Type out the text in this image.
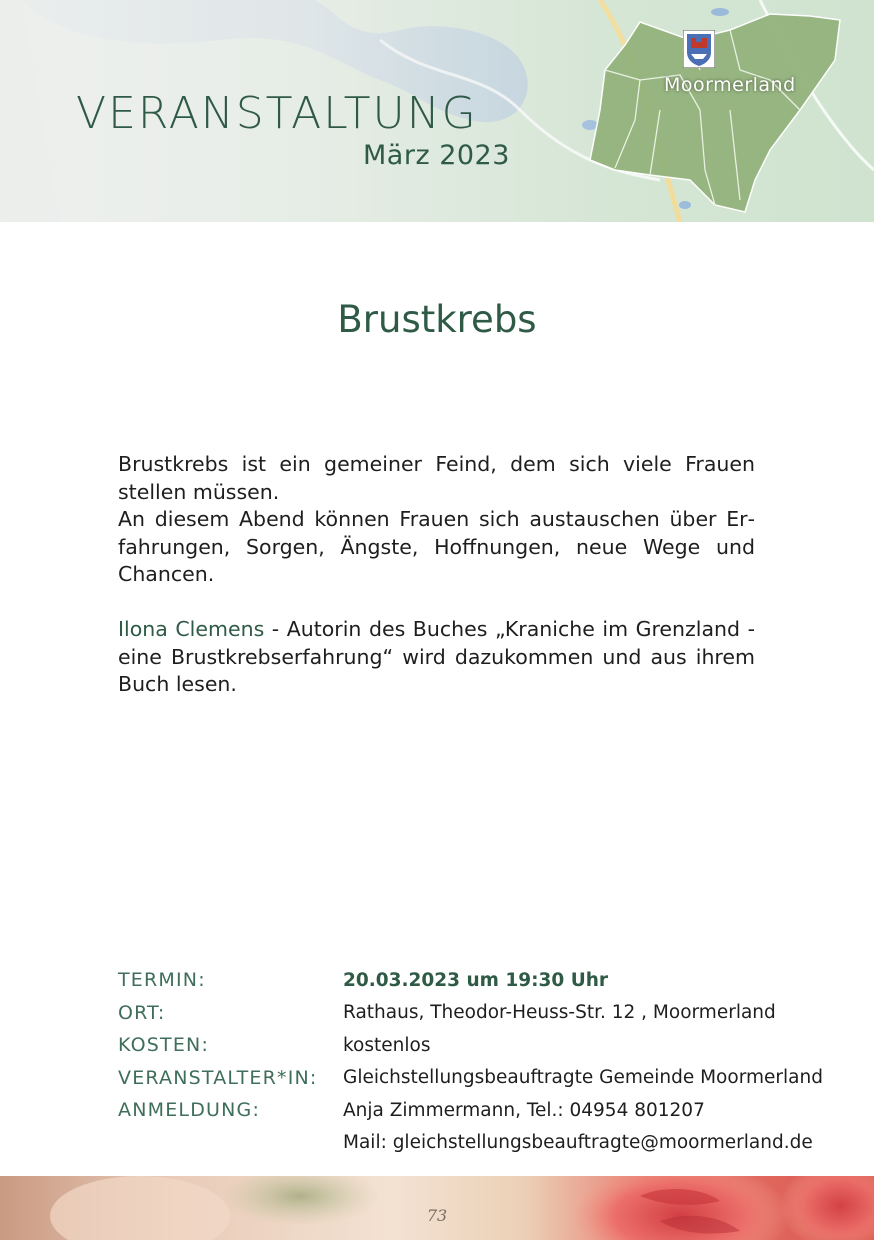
VERANSTALTUNG
März 2023
Moormerland
Brustkrebs

Brustkrebs ist ein gemeiner Feind, dem sich viele Frauen stellen müssen.

An diesem Abend können Frauen sich austauschen über Erfahrungen, Sorgen, Ängste, Hoffnungen, neue Wege und Chancen.

Ilona Clemens - Autorin des Buches „Kraniche im Grenzland - eine Brustkrebserfahrung“ wird dazukommen und aus ihrem Buch lesen.

TERMIN:	20.03.2023 um 19:30 Uhr
ORT:	Rathaus, Theodor-Heuss-Str. 12 , Moormerland
KOSTEN:	kostenlos
VERANSTALTER*IN:	Gleichstellungsbeauftragte Gemeinde Moormerland
ANMELDUNG:	Anja Zimmermann, Tel.: 04954 801207
Mail: gleichstellungsbeauftragte@moormerland.de
73
